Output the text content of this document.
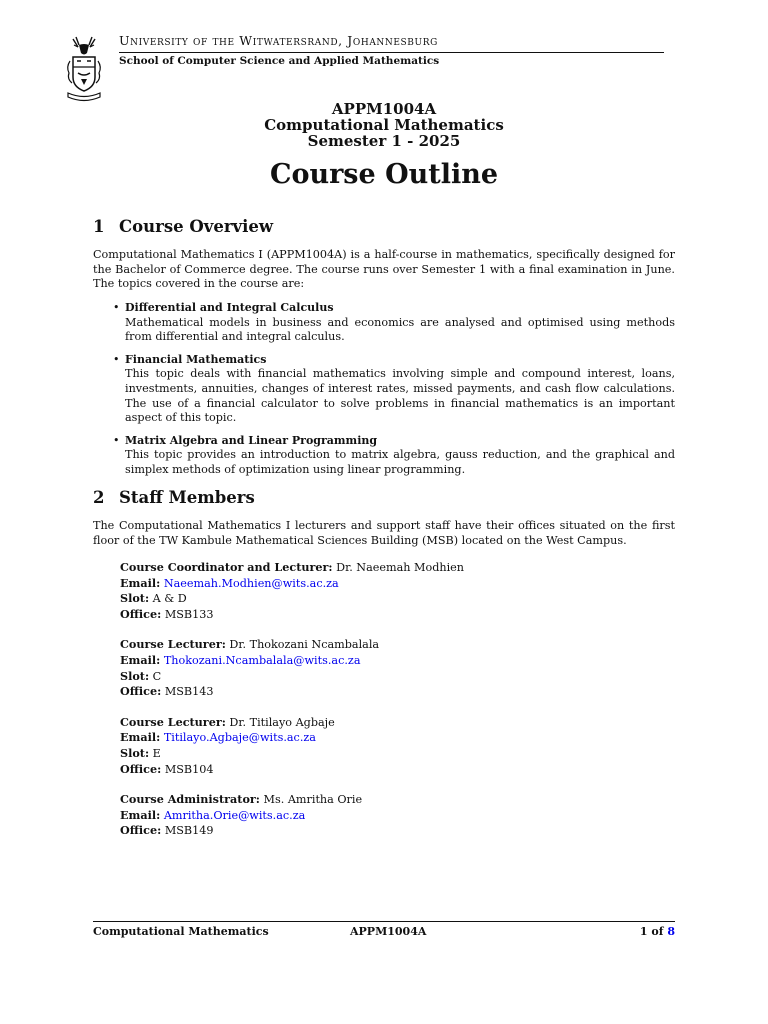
University of the Witwatersrand, Johannesburg
School of Computer Science and Applied Mathematics
APPM1004A
Computational Mathematics
Semester 1 - 2025
Course Outline
1 Course Overview
Computational Mathematics I (APPM1004A) is a half-course in mathematics, specifically designed for the Bachelor of Commerce degree. The course runs over Semester 1 with a final examination in June. The topics covered in the course are:
• Differential and Integral Calculus
Mathematical models in business and economics are analysed and optimised using methods from differential and integral calculus.
• Financial Mathematics
This topic deals with financial mathematics involving simple and compound interest, loans, investments, annuities, changes of interest rates, missed payments, and cash flow calculations. The use of a financial calculator to solve problems in financial mathematics is an important aspect of this topic.
• Matrix Algebra and Linear Programming
This topic provides an introduction to matrix algebra, gauss reduction, and the graphical and simplex methods of optimization using linear programming.
2 Staff Members
The Computational Mathematics I lecturers and support staff have their offices situated on the first floor of the TW Kambule Mathematical Sciences Building (MSB) located on the West Campus.
Course Coordinator and Lecturer: Dr. Naeemah Modhien
Email: Naeemah.Modhien@wits.ac.za
Slot: A & D
Office: MSB133
Course Lecturer: Dr. Thokozani Ncambalala
Email: Thokozani.Ncambalala@wits.ac.za
Slot: C
Office: MSB143
Course Lecturer: Dr. Titilayo Agbaje
Email: Titilayo.Agbaje@wits.ac.za
Slot: E
Office: MSB104
Course Administrator: Ms. Amritha Orie
Email: Amritha.Orie@wits.ac.za
Office: MSB149
Computational Mathematics	APPM1004A	1 of 8
